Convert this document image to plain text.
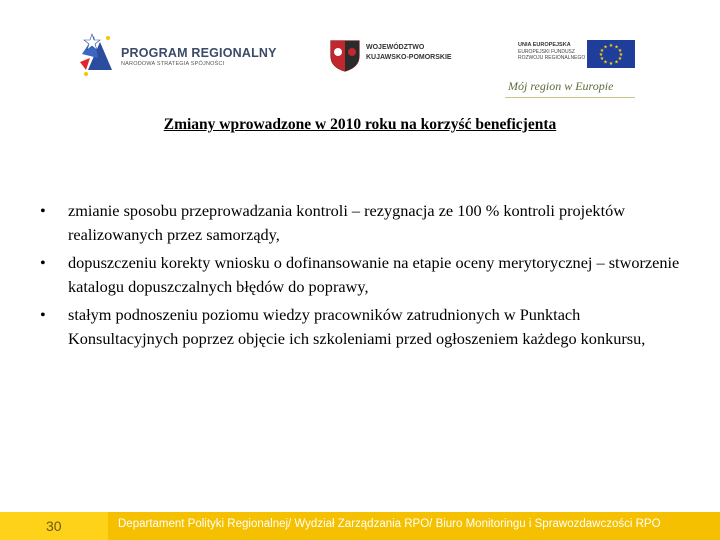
PROGRAM REGIONALNY
NARODOWA STRATEGIA SPÓJNOŚCI
WOJEWÓDZTWO
KUJAWSKO-POMORSKIE
UNIA EUROPEJSKA
EUROPEJSKI FUNDUSZ
ROZWOJU REGIONALNEGO
★ ★
★
★
★
★
★
★
★
★
★
★
Mój region w Europie
Zmiany wprowadzone w 2010 roku na korzyść beneficjenta
• zmianie sposobu przeprowadzania kontroli – rezygnacja ze 100 % kontroli projektów realizowanych przez samorządy,
• dopuszczeniu korekty wniosku o dofinansowanie na etapie oceny merytorycznej – stworzenie katalogu dopuszczalnych błędów do poprawy,
• stałym podnoszeniu poziomu wiedzy pracowników zatrudnionych w Punktach Konsultacyjnych poprzez objęcie ich szkoleniami przed ogłoszeniem każdego konkursu,
30	Departament Polityki Regionalnej/ Wydział Zarządzania RPO/ Biuro Monitoringu i Sprawozdawczości RPO
